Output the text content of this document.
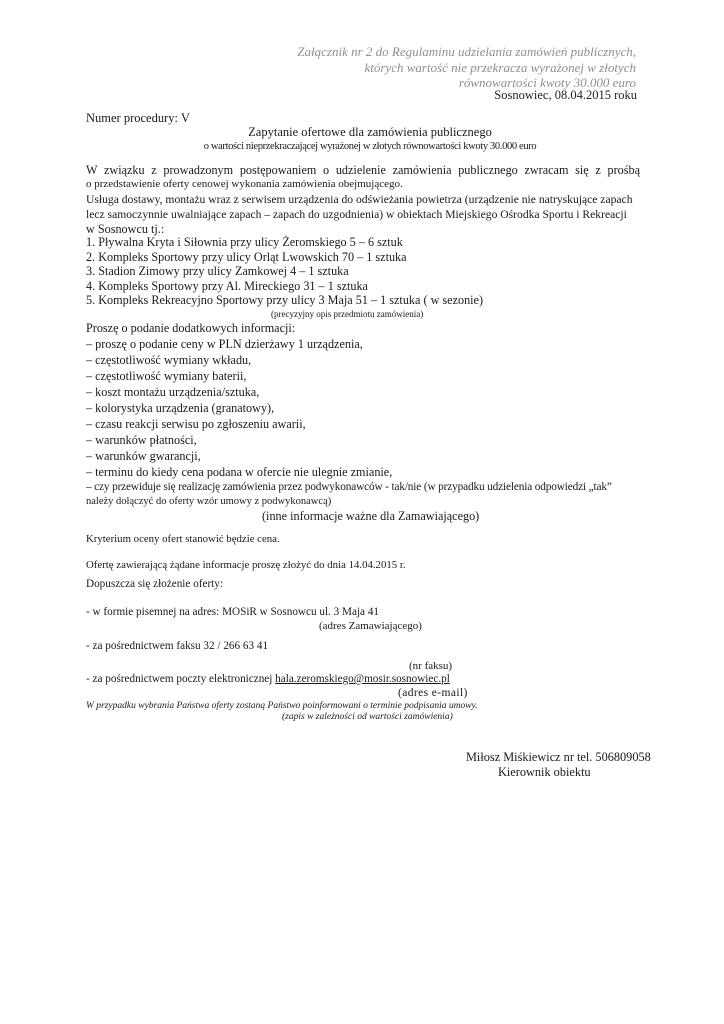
Załącznik nr 2 do Regulaminu udzielania zamówień publicznych,
których wartość nie przekracza wyrażonej w złotych
równowartości kwoty 30.000 euro
Sosnowiec, 08.04.2015 roku
Numer procedury: V
Zapytanie ofertowe dla zamówienia publicznego
o wartości nieprzekraczającej wyrażonej w złotych równowartości kwoty 30.000 euro
W związku z prowadzonym postępowaniem o udzielenie zamówienia publicznego zwracam się z prośbą
o przedstawienie oferty cenowej wykonania zamówienia obejmującego.
Usługa dostawy, montażu wraz z serwisem urządzenia do odświeżania powietrza (urządzenie nie natryskujące zapach
lecz samoczynnie uwalniające zapach – zapach do uzgodnienia) w obiektach Miejskiego Ośrodka Sportu i Rekreacji
w Sosnowcu tj.:
1. Pływalna Kryta i Siłownia przy ulicy Żeromskiego 5 – 6 sztuk
2. Kompleks Sportowy przy ulicy Orląt Lwowskich 70 – 1 sztuka
3. Stadion Zimowy przy ulicy Zamkowej 4 – 1 sztuka
4. Kompleks Sportowy przy Al. Mireckiego 31 – 1 sztuka
5. Kompleks Rekreacyjno Sportowy przy ulicy 3 Maja 51 – 1 sztuka ( w sezonie)
(precyzyjny opis przedmiotu zamówienia)
Proszę o podanie dodatkowych informacji:
– proszę o podanie ceny w PLN dzierżawy 1 urządzenia,
– częstotliwość wymiany wkładu,
– częstotliwość wymiany baterii,
– koszt montażu urządzenia/sztuka,
– kolorystyka urządzenia (granatowy),
– czasu reakcji serwisu po zgłoszeniu awarii,
– warunków płatności,
– warunków gwarancji,
– terminu do kiedy cena podana w ofercie nie ulegnie zmianie,
– czy przewiduje się realizację zamówienia przez podwykonawców - tak/nie (w przypadku udzielenia odpowiedzi „tak”
należy dołączyć do oferty wzór umowy z podwykonawcą)
(inne informacje ważne dla Zamawiającego)
Kryterium oceny ofert stanowić będzie cena.
Ofertę zawierającą żądane informacje proszę złożyć do dnia 14.04.2015 r.
Dopuszcza się złożenie oferty:
- w formie pisemnej na adres: MOSiR w Sosnowcu ul. 3 Maja 41
(adres Zamawiającego)
- za pośrednictwem faksu 32 / 266 63 41
(nr faksu)
- za pośrednictwem poczty elektronicznej hala.zeromskiego@mosir.sosnowiec.pl
(adres e-mail)
W przypadku wybrania Państwa oferty zostaną Państwo poinformowani o terminie podpisania umowy.
(zapis w zależności od wartości zamówienia)
Miłosz Miśkiewicz nr tel. 506809058
Kierownik obiektu
